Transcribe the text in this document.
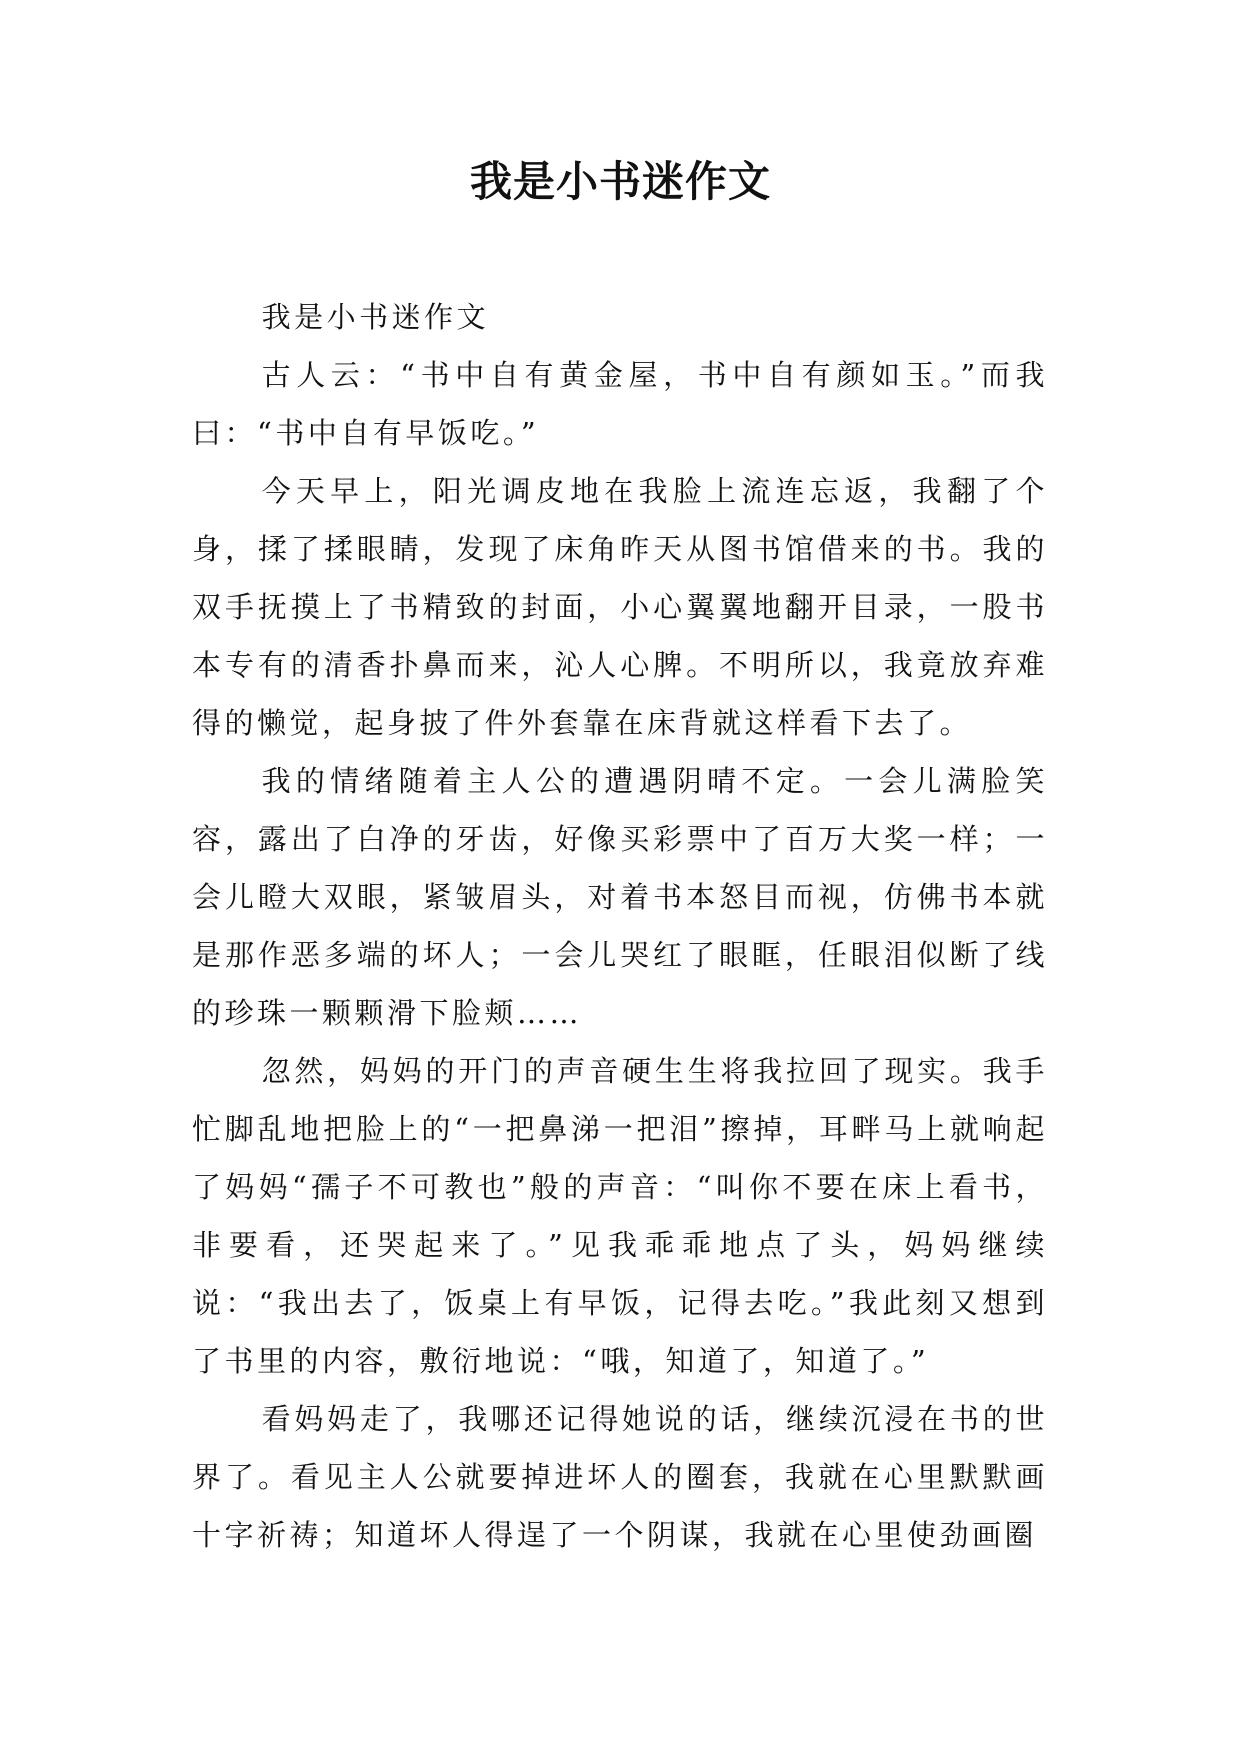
我是小书迷作文

我是小书迷作文

古人云：“书中自有黄金屋，书中自有颜如玉。”而我曰：“书中自有早饭吃。”

今天早上，阳光调皮地在我脸上流连忘返，我翻了个身，揉了揉眼睛，发现了床角昨天从图书馆借来的书。我的双手抚摸上了书精致的封面，小心翼翼地翻开目录，一股书本专有的清香扑鼻而来，沁人心脾。不明所以，我竟放弃难得的懒觉，起身披了件外套靠在床背就这样看下去了。

我的情绪随着主人公的遭遇阴晴不定。一会儿满脸笑容，露出了白净的牙齿，好像买彩票中了百万大奖一样；一会儿瞪大双眼，紧皱眉头，对着书本怒目而视，仿佛书本就是那作恶多端的坏人；一会儿哭红了眼眶，任眼泪似断了线的珍珠一颗颗滑下脸颊……

忽然，妈妈的开门的声音硬生生将我拉回了现实。我手忙脚乱地把脸上的“一把鼻涕一把泪”擦掉，耳畔马上就响起了妈妈“孺子不可教也”般的声音：“叫你不要在床上看书，非要看，还哭起来了。”见我乖乖地点了头，妈妈继续说：“我出去了，饭桌上有早饭，记得去吃。”我此刻又想到了书里的内容，敷衍地说：“哦，知道了，知道了。”

看妈妈走了，我哪还记得她说的话，继续沉浸在书的世界了。看见主人公就要掉进坏人的圈套，我就在心里默默画十字祈祷；知道坏人得逞了一个阴谋，我就在心里使劲画圈
